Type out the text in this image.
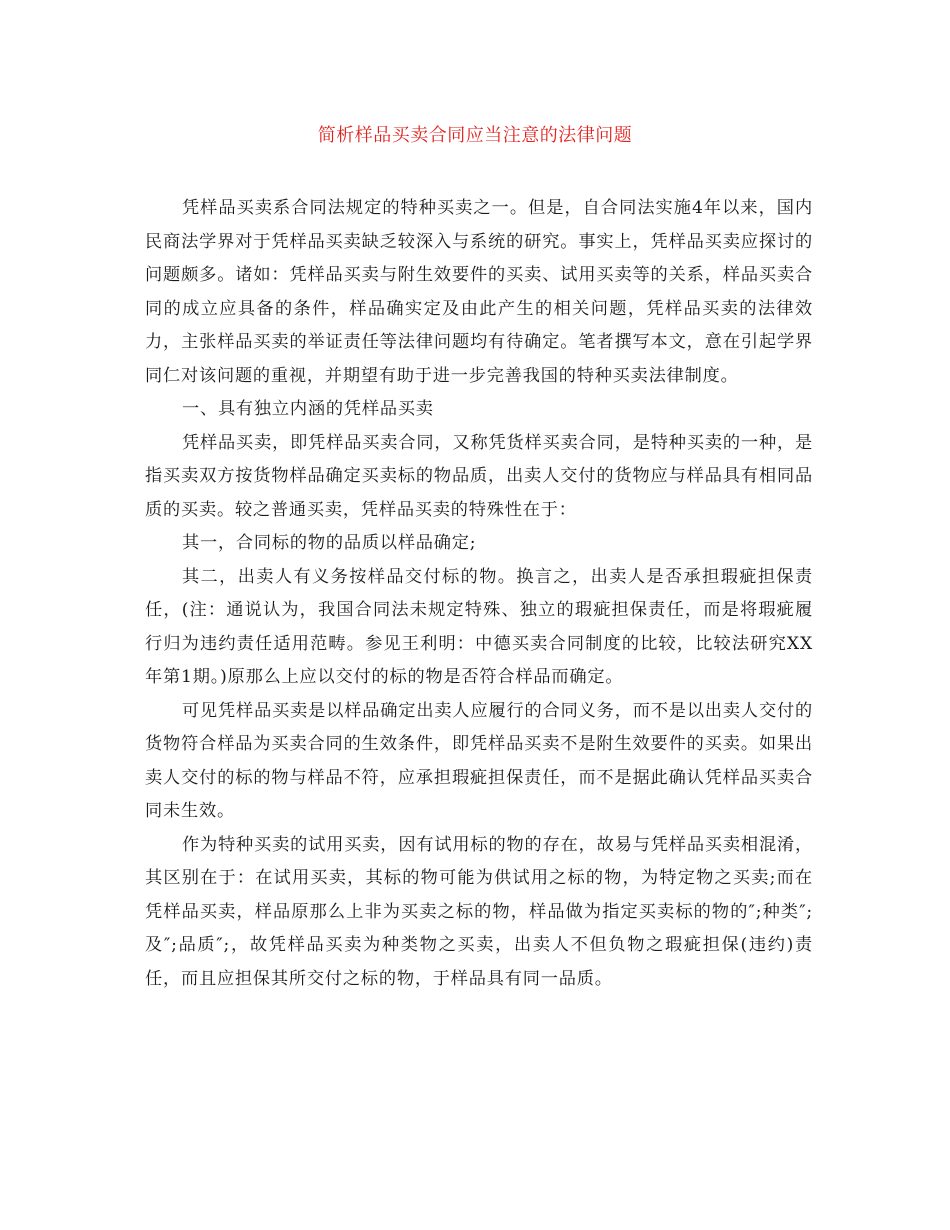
简析样品买卖合同应当注意的法律问题

凭样品买卖系合同法规定的特种买卖之一。但是，自合同法实施4年以来，国内民商法学界对于凭样品买卖缺乏较深入与系统的研究。事实上，凭样品买卖应探讨的问题颇多。诸如：凭样品买卖与附生效要件的买卖、试用买卖等的关系，样品买卖合同的成立应具备的条件，样品确实定及由此产生的相关问题，凭样品买卖的法律效力，主张样品买卖的举证责任等法律问题均有待确定。笔者撰写本文，意在引起学界同仁对该问题的重视，并期望有助于进一步完善我国的特种买卖法律制度。

一、具有独立内涵的凭样品买卖

凭样品买卖，即凭样品买卖合同，又称凭货样买卖合同，是特种买卖的一种，是指买卖双方按货物样品确定买卖标的物品质，出卖人交付的货物应与样品具有相同品质的买卖。较之普通买卖，凭样品买卖的特殊性在于：

其一，合同标的物的品质以样品确定;

其二，出卖人有义务按样品交付标的物。换言之，出卖人是否承担瑕疵担保责任，(注：通说认为，我国合同法未规定特殊、独立的瑕疵担保责任，而是将瑕疵履行归为违约责任适用范畴。参见王利明：中德买卖合同制度的比较，比较法研究XX年第1期。)原那么上应以交付的标的物是否符合样品而确定。

可见凭样品买卖是以样品确定出卖人应履行的合同义务，而不是以出卖人交付的货物符合样品为买卖合同的生效条件，即凭样品买卖不是附生效要件的买卖。如果出卖人交付的标的物与样品不符，应承担瑕疵担保责任，而不是据此确认凭样品买卖合同未生效。

作为特种买卖的试用买卖，因有试用标的物的存在，故易与凭样品买卖相混淆，其区别在于：在试用买卖，其标的物可能为供试用之标的物，为特定物之买卖;而在凭样品买卖，样品原那么上非为买卖之标的物，样品做为指定买卖标的物的″;种类″;及″;品质″;，故凭样品买卖为种类物之买卖，出卖人不但负物之瑕疵担保(违约)责任，而且应担保其所交付之标的物，于样品具有同一品质。
